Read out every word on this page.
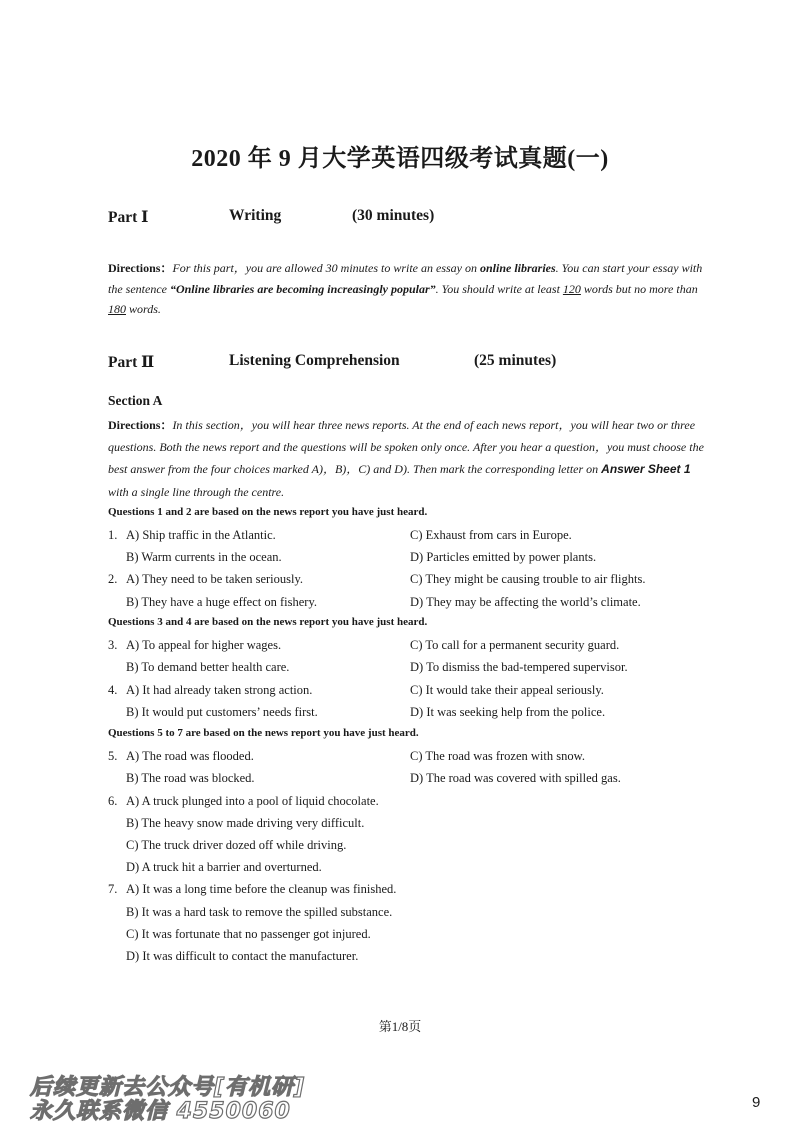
2020 年 9 月大学英语四级考试真题(一)
Part Ⅰ	Writing	(30 minutes)
Directions：For this part，you are allowed 30 minutes to write an essay on online libraries. You can start your essay with the sentence “Online libraries are becoming increasingly popular”. You should write at least 120 words but no more than 180 words.
Part Ⅱ	Listening Comprehension	(25 minutes)
Section A
Directions：In this section，you will hear three news reports. At the end of each news report，you will hear two or three questions. Both the news report and the questions will be spoken only once. After you hear a question，you must choose the best answer from the four choices marked A)，B)，C) and D). Then mark the corresponding letter on Answer Sheet 1 with a single line through the centre.
Questions 1 and 2 are based on the news report you have just heard.
1. A) Ship traffic in the Atlantic.	C) Exhaust from cars in Europe.
B) Warm currents in the ocean.	D) Particles emitted by power plants.
2. A) They need to be taken seriously.	C) They might be causing trouble to air flights.
B) They have a huge effect on fishery.	D) They may be affecting the world’s climate.
Questions 3 and 4 are based on the news report you have just heard.
3. A) To appeal for higher wages.	C) To call for a permanent security guard.
B) To demand better health care.	D) To dismiss the bad-tempered supervisor.
4. A) It had already taken strong action.	C) It would take their appeal seriously.
B) It would put customers’ needs first.	D) It was seeking help from the police.
Questions 5 to 7 are based on the news report you have just heard.
5. A) The road was flooded.	C) The road was frozen with snow.
B) The road was blocked.	D) The road was covered with spilled gas.
6. A) A truck plunged into a pool of liquid chocolate.
B) The heavy snow made driving very difficult.
C) The truck driver dozed off while driving.
D) A truck hit a barrier and overturned.
7. A) It was a long time before the cleanup was finished.
B) It was a hard task to remove the spilled substance.
C) It was fortunate that no passenger got injured.
D) It was difficult to contact the manufacturer.
第1/8页
后续更新去公众号[有机研]
永久联系微信 4550060	9
